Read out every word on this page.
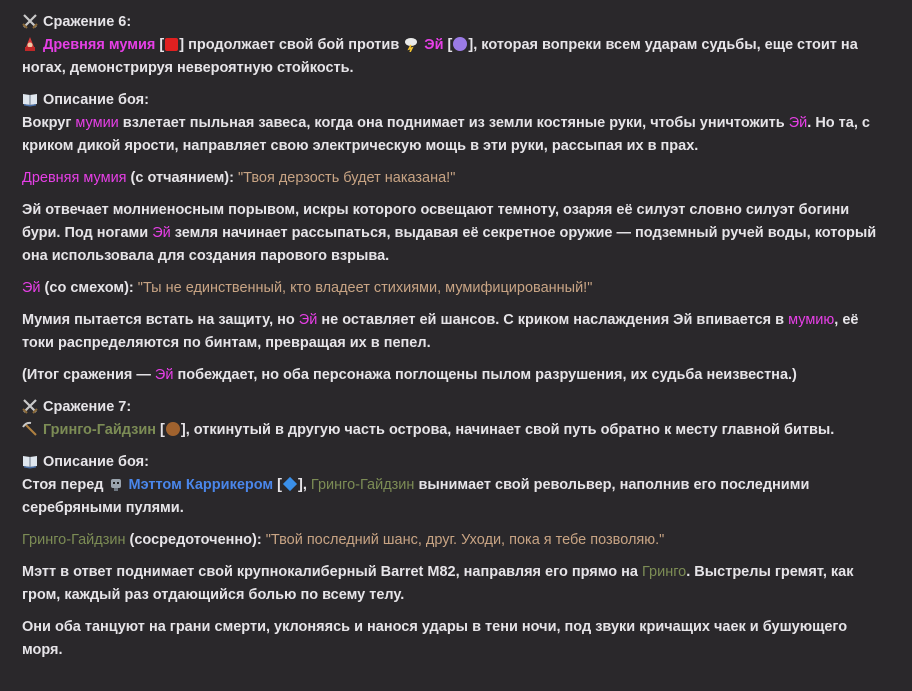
Сражение 6:
Древняя мумия [ ] продолжает свой бой против Эй [ ], которая вопреки всем ударам судьбы, еще стоит на
ногах, демонстрируя невероятную стойкость.
Описание боя:
Вокруг мумии взлетает пыльная завеса, когда она поднимает из земли костяные руки, чтобы уничтожить Эй. Но та, с
криком дикой ярости, направляет свою электрическую мощь в эти руки, рассыпая их в прах.
Древняя мумия (с отчаянием): "Твоя дерзость будет наказана!"
Эй отвечает молниеносным порывом, искры которого освещают темноту, озаряя её силуэт словно силуэт богини
бури. Под ногами Эй земля начинает рассыпаться, выдавая её секретное оружие — подземный ручей воды, который
она использовала для создания парового взрыва.
Эй (со смехом): "Ты не единственный, кто владеет стихиями, мумифицированный!"
Мумия пытается встать на защиту, но Эй не оставляет ей шансов. С криком наслаждения Эй впивается в мумию, её
токи распределяются по бинтам, превращая их в пепел.
(Итог сражения — Эй побеждает, но оба персонажа поглощены пылом разрушения, их судьба неизвестна.)
Сражение 7:
Гринго-Гайдзин [ ], откинутый в другую часть острова, начинает свой путь обратно к месту главной битвы.
Описание боя:
Стоя перед Мэттом Каррикером [ ], Гринго-Гайдзин вынимает свой револьвер, наполнив его последними
серебряными пулями.
Гринго-Гайдзин (сосредоточенно): "Твой последний шанс, друг. Уходи, пока я тебе позволяю."
Мэтт в ответ поднимает свой крупнокалиберный Barret M82, направляя его прямо на Гринго. Выстрелы гремят, как
гром, каждый раз отдающийся болью по всему телу.
Они оба танцуют на грани смерти, уклоняясь и нанося удары в тени ночи, под звуки кричащих чаек и бушующего
моря.
